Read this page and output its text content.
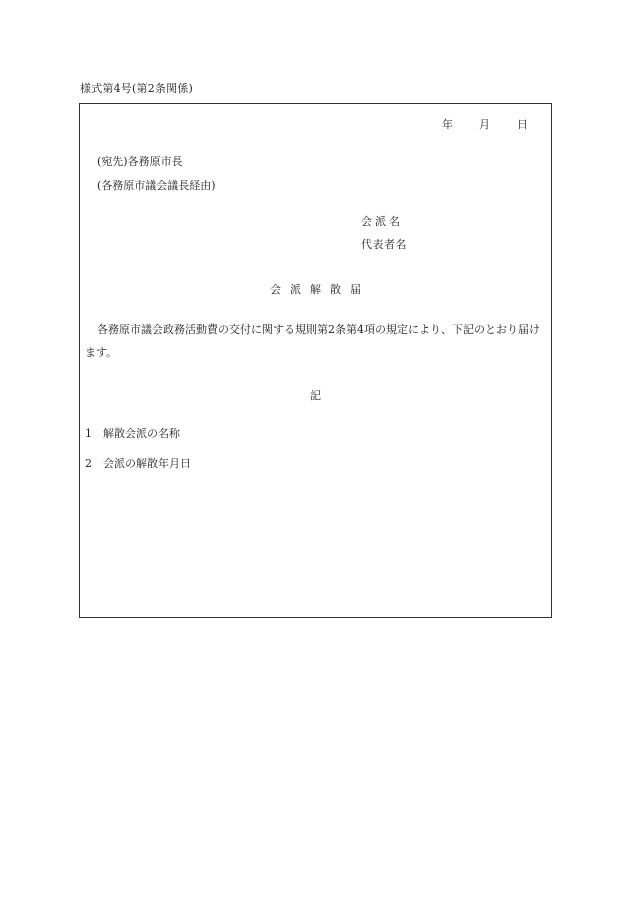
様式第4号(第2条関係)
年 月 日
(宛先)各務原市長
(各務原市議会議長経由)
会派名
代表者名
会派解散届
各務原市議会政務活動費の交付に関する規則第2条第4項の規定により、下記のとおり届けます。
記
1 解散会派の名称
2 会派の解散年月日
